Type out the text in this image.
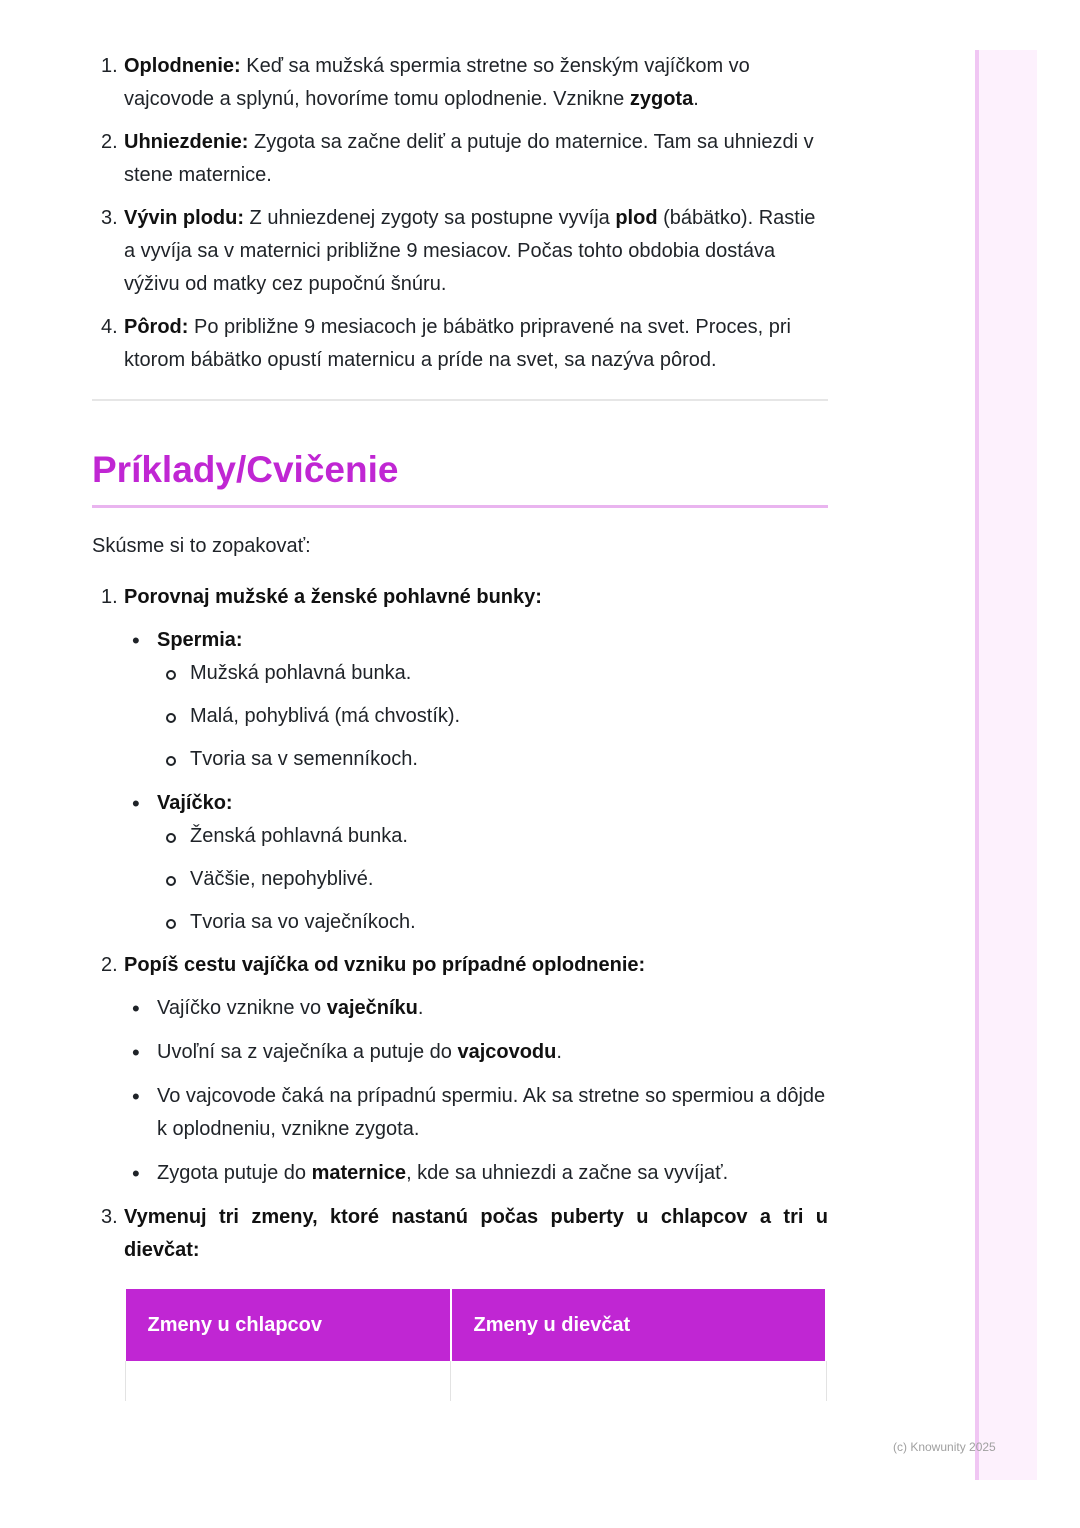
1. Oplodnenie: Keď sa mužská spermia stretne so ženským vajíčkom vo vajcovode a splynú, hovoríme tomu oplodnenie. Vznikne zygota.
2. Uhniezdenie: Zygota sa začne deliť a putuje do maternice. Tam sa uhniezdi v stene maternice.
3. Vývin plodu: Z uhniezdenej zygoty sa postupne vyvíja plod (bábätko). Rastie a vyvíja sa v maternici približne 9 mesiacov. Počas tohto obdobia dostáva výživu od matky cez pupočnú šnúru.
4. Pôrod: Po približne 9 mesiacoch je bábätko pripravené na svet. Proces, pri ktorom bábätko opustí maternicu a príde na svet, sa nazýva pôrod.
Príklady/Cvičenie
Skúsme si to zopakovať:
1. Porovnaj mužské a ženské pohlavné bunky:
• Spermia:
Mužská pohlavná bunka.
Malá, pohyblivá (má chvostík).
Tvoria sa v semenníkoch.
• Vajíčko:
Ženská pohlavná bunka.
Väčšie, nepohyblivé.
Tvoria sa vo vaječníkoch.
2. Popíš cestu vajíčka od vzniku po prípadné oplodnenie:
• Vajíčko vznikne vo vaječníku.
• Uvoľní sa z vaječníka a putuje do vajcovodu.
• Vo vajcovode čaká na prípadnú spermiu. Ak sa stretne so spermiou a dôjde k oplodneniu, vznikne zygota.
• Zygota putuje do maternice, kde sa uhniezdi a začne sa vyvíjať.
3. Vymenuj tri zmeny, ktoré nastanú počas puberty u chlapcov a tri u dievčat:
Zmeny u chlapcov	Zmeny u dievčat

(c) Knowunity 2025
